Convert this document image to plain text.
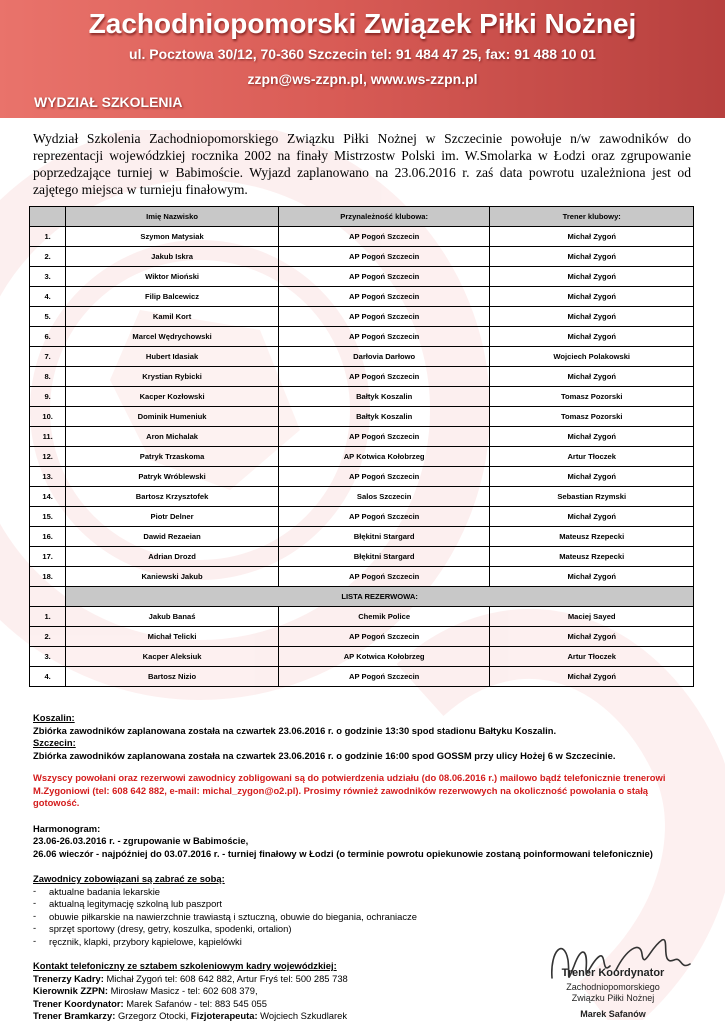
Zachodniopomorski Związek Piłki Nożnej
ul. Pocztowa 30/12, 70-360 Szczecin tel: 91 484 47 25, fax: 91 488 10 01
zzpn@ws-zzpn.pl, www.ws-zzpn.pl
WYDZIAŁ SZKOLENIA
Wydział Szkolenia Zachodniopomorskiego Związku Piłki Nożnej w Szczecinie powołuje n/w zawodników do reprezentacji wojewódzkiej rocznika 2002 na finały Mistrzostw Polski im. W.Smolarka w Łodzi oraz zgrupowanie poprzedzające turniej w Babimoście. Wyjazd zaplanowano na 23.06.2016 r. zaś data powrotu uzależniona jest od zajętego miejsca w turnieju finałowym.
	Imię Nazwisko	Przynależność klubowa:	Trener klubowy:
1.	Szymon Matysiak	AP Pogoń Szczecin	Michał Zygoń
2.	Jakub Iskra	AP Pogoń Szczecin	Michał Zygoń
3.	Wiktor Mioński	AP Pogoń Szczecin	Michał Zygoń
4.	Filip Balcewicz	AP Pogoń Szczecin	Michał Zygoń
5.	Kamil Kort	AP Pogoń Szczecin	Michał Zygoń
6.	Marcel Wędrychowski	AP Pogoń Szczecin	Michał Zygoń
7.	Hubert Idasiak	Darłovia Darłowo	Wojciech Polakowski
8.	Krystian Rybicki	AP Pogoń Szczecin	Michał Zygoń
9.	Kacper Kozłowski	Bałtyk Koszalin	Tomasz Pozorski
10.	Dominik Humeniuk	Bałtyk Koszalin	Tomasz Pozorski
11.	Aron Michalak	AP Pogoń Szczecin	Michał Zygoń
12.	Patryk Trzaskoma	AP Kotwica Kołobrzeg	Artur Tłoczek
13.	Patryk Wróblewski	AP Pogoń Szczecin	Michał Zygoń
14.	Bartosz Krzysztofek	Salos Szczecin	Sebastian Rzymski
15.	Piotr Delner	AP Pogoń Szczecin	Michał Zygoń
16.	Dawid Rezaeian	Błękitni Stargard	Mateusz Rzepecki
17.	Adrian Drozd	Błękitni Stargard	Mateusz Rzepecki
18.	Kaniewski Jakub	AP Pogoń Szczecin	Michał Zygoń
	LISTA REZERWOWA:		
1.	Jakub Banaś	Chemik Police	Maciej Sayed
2.	Michał Telicki	AP Pogoń Szczecin	Michał Zygoń
3.	Kacper Aleksiuk	AP Kotwica Kołobrzeg	Artur Tłoczek
4.	Bartosz Nizio	AP Pogoń Szczecin	Michał Zygoń

Koszalin:

Zbiórka zawodników zaplanowana została na czwartek 23.06.2016 r. o godzinie 13:30 spod stadionu Bałtyku Koszalin.

Szczecin:

Zbiórka zawodników zaplanowana została na czwartek 23.06.2016 r. o godzinie 16:00 spod GOSSM przy ulicy Hożej 6 w Szczecinie.

Wszyscy powołani oraz rezerwowi zawodnicy zobligowani są do potwierdzenia udziału (do 08.06.2016 r.) mailowo bądź telefonicznie trenerowi M.Zygoniowi (tel: 608 642 882, e-mail: michal_zygon@o2.pl). Prosimy również zawodników rezerwowych na okoliczność powołania o stałą gotowość.

Harmonogram:

23.06-26.03.2016 r. - zgrupowanie w Babimoście,

26.06 wieczór - najpóźniej do 03.07.2016 r. - turniej finałowy w Łodzi (o terminie powrotu opiekunowie zostaną poinformowani telefonicznie)

Zawodnicy zobowiązani są zabrać ze sobą:

- aktualne badania lekarskie
- aktualną legitymację szkolną lub paszport
- obuwie piłkarskie na nawierzchnie trawiastą i sztuczną, obuwie do biegania, ochraniacze
- sprzęt sportowy (dresy, getry, koszulka, spodenki, ortalion)
- ręcznik, klapki, przybory kąpielowe, kąpielówki

Kontakt telefoniczny ze sztabem szkoleniowym kadry wojewódzkiej:

Trenerzy Kadry: Michał Zygoń tel: 608 642 882, Artur Fryś tel: 500 285 738

Kierownik ZZPN: Mirosław Masicz - tel: 602 608 379,

Trener Koordynator: Marek Safanów - tel: 883 545 055

Trener Bramkarzy: Grzegorz Otocki, Fizjoterapeuta: Wojciech Szkudlarek

Trener Koordynator
Zachodniopomorskiego
Związku Piłki Nożnej
Marek Safanów
